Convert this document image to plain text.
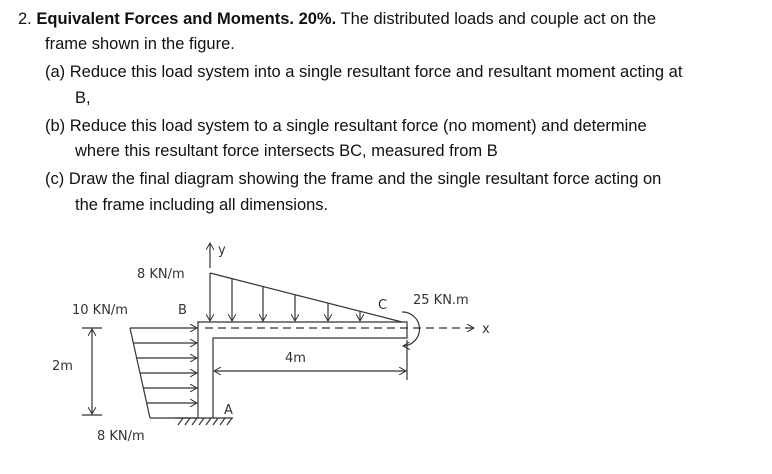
2. Equivalent Forces and Moments. 20%. The distributed loads and couple act on the
frame shown in the figure.
(a) Reduce this load system into a single resultant force and resultant moment acting at
B,
(b) Reduce this load system to a single resultant force (no moment) and determine
where this resultant force intersects BC, measured from B
(c) Draw the final diagram showing the frame and the single resultant force acting on
the frame including all dimensions.
y
x
8 KN/m
10 KN/m	B	C 25 KN.m
A
8 KN/m
2m
4m
